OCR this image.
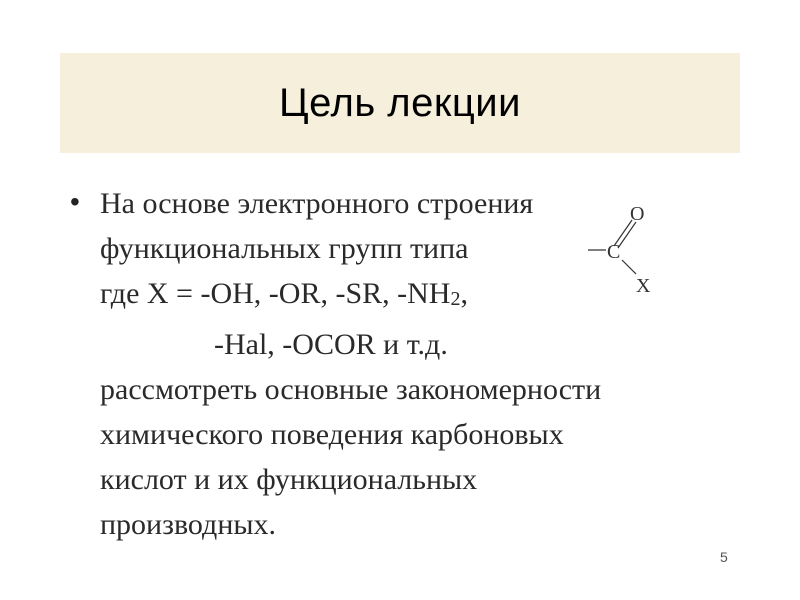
Цель лекции
• На основе электронного строения
функциональных групп типа
где X = -OH, -OR, -SR, $-NH_2$,
-Hal, -OCOR и т.д.
рассмотреть основные закономерности
химического поведения карбоновых
кислот и их функциональных
производных.
O
C
X
5
